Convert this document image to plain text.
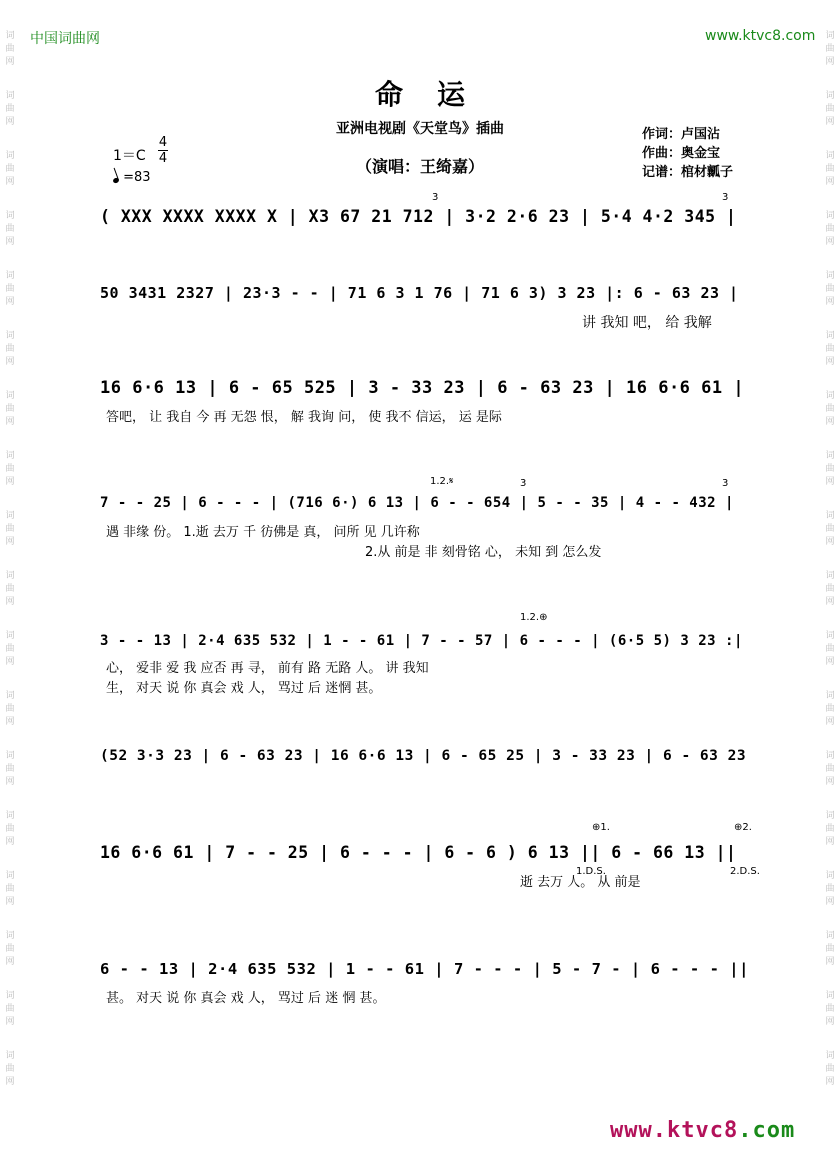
中国词曲网	www.ktvc8.com
词曲网
词曲网
词曲网
词曲网
词曲网
词曲网
词曲网
词曲网
词曲网
词曲网
词曲网
词曲网
词曲网
词曲网
词曲网
词曲网
词曲网
词曲网
词曲网
词曲网
词曲网
词曲网
词曲网
词曲网
词曲网
词曲网
词曲网
词曲网
词曲网
词曲网
词曲网
词曲网
词曲网
词曲网
词曲网
词曲网
命运
亚洲电视剧《天堂鸟》插曲
（演唱：王绮嘉）
作词：卢国沾
作曲：奥金宝
记谱：棺材瓤子
1＝C
4
4
=83
( XXX XXXX XXXX X | X3 67 21 712 | 3·2 2·6 23 | 5·4 4·2 345 |
3	3
50 3431 2327 | 23·3 - - | 71 6 3 1 76 | 71 6 3) 3 23 |: 6 - 63 23 |
讲 我知 吧， 给 我解
16 6·6 13 | 6 - 65 525 | 3 - 33 23 | 6 - 63 23 | 16 6·6 61 |
答吧， 让 我自 今 再 无怨 恨， 解 我询 问， 使 我不 信运， 运 是际
1.2.𝄋	3	3
7 - - 25 | 6 - - - | (716 6·) 6 13 | 6 - - 654 | 5 - - 35 | 4 - - 432 |
遇 非缘 份。 1.逝 去万 千 彷佛是 真， 问所 见 几许称
2.从 前是 非 刻骨铭 心， 未知 到 怎么发
1.2.⊕
3 - - 13 | 2·4 635 532 | 1 - - 61 | 7 - - 57 | 6 - - - | (6·5 5) 3 23 :|
心， 爱非 爱 我 应否 再 寻， 前有 路 无路 人。 讲 我知
生， 对天 说 你 真会 戏 人， 骂过 后 迷惘 甚。
(52 3·3 23 | 6 - 63 23 | 16 6·6 13 | 6 - 65 25 | 3 - 33 23 | 6 - 63 23
⊕1.	⊕2.
16 6·6 61 | 7 - - 25 | 6 - - - | 6 - 6 ) 6 13 || 6 - 66 13 ||
逝 去万 人。 从 前是
1.D.S.	2.D.S.
6 - - 13 | 2·4 635 532 | 1 - - 61 | 7 - - - | 5 - 7 - | 6 - - - ||
甚。 对天 说 你 真会 戏 人， 骂过 后 迷 惘 甚。
www.ktvc8.com
